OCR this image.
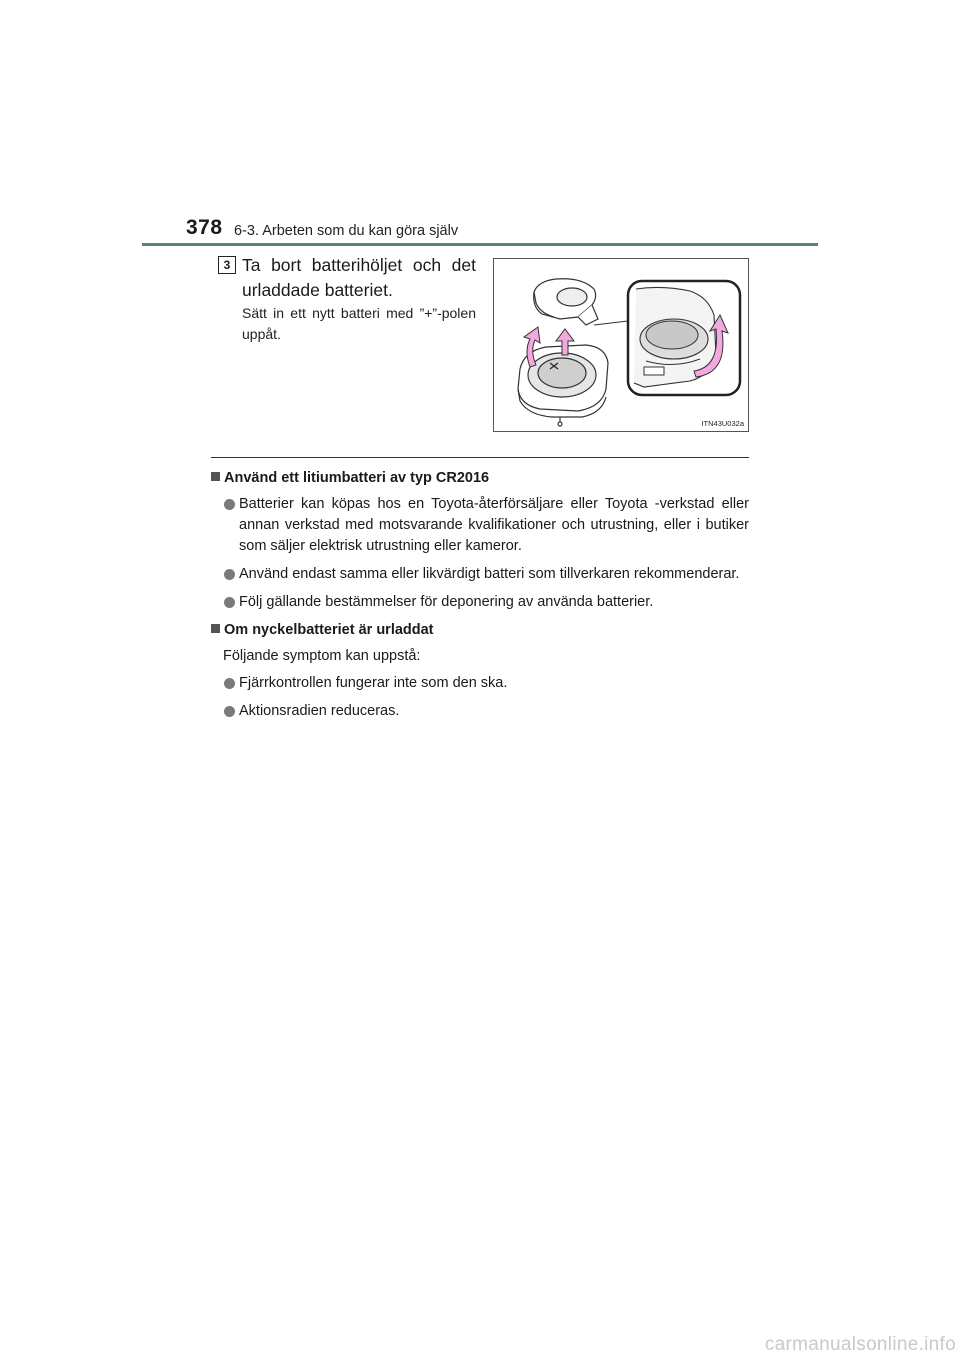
378 6-3. Arbeten som du kan göra själv
3 Ta bort batterihöljet och det urladdade batteriet.
Sätt in ett nytt batteri med ”+”-polen uppåt.
ITN43U032a
Använd ett litiumbatteri av typ CR2016
Batterier kan köpas hos en Toyota-återförsäljare eller Toyota -verkstad eller annan verkstad med motsvarande kvalifikationer och utrustning, eller i butiker som säljer elektrisk utrustning eller kameror.
Använd endast samma eller likvärdigt batteri som tillverkaren rekommenderar.
Följ gällande bestämmelser för deponering av använda batterier.
Om nyckelbatteriet är urladdat
Följande symptom kan uppstå:
Fjärrkontrollen fungerar inte som den ska.
Aktionsradien reduceras.
carmanualsonline.info
